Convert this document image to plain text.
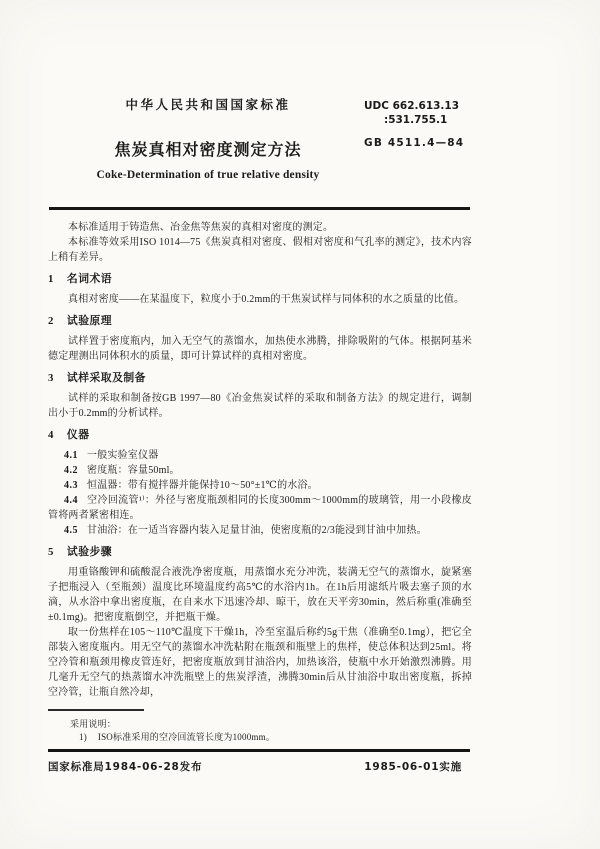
中华人民共和国国家标准
焦炭真相对密度测定方法
Coke-Determination of true relative density
UDC 662.613.13
:531.755.1
GB 4511.4—84

本标准适用于铸造焦、冶金焦等焦炭的真相对密度的测定。

本标准等效采用ISO 1014—75《焦炭真相对密度、假相对密度和气孔率的测定》，技术内容上稍有差异。

1 名词术语

真相对密度——在某温度下，粒度小于0.2mm的干焦炭试样与同体积的水之质量的比值。

2 试验原理

试样置于密度瓶内，加入无空气的蒸馏水，加热使水沸腾，排除吸附的气体。根据阿基米德定理测出同体积水的质量，即可计算试样的真相对密度。

3 试样采取及制备

试样的采取和制备按GB 1997—80《冶金焦炭试样的采取和制备方法》的规定进行，调制出小于0.2mm的分析试样。

4 仪器

4.1 一般实验室仪器

4.2 密度瓶：容量50ml。

4.3 恒温器：带有搅拌器并能保持10～50°±1℃的水浴。

4.4 空冷回流管¹⁾：外径与密度瓶颈相同的长度300mm～1000mm的玻璃管，用一小段橡皮管将两者紧密相连。

4.5 甘油浴：在一适当容器内装入足量甘油，使密度瓶的2/3能浸到甘油中加热。

5 试验步骤

用重铬酸钾和硫酸混合液洗净密度瓶，用蒸馏水充分冲洗，装满无空气的蒸馏水，旋紧塞子把瓶浸入（至瓶颈）温度比环境温度约高5℃的水浴内1h。在1h后用滤纸片吸去塞子顶的水滴，从水浴中拿出密度瓶，在自来水下迅速冷却、晾干，放在天平旁30min，然后称重(准确至±0.1mg)。把密度瓶倒空，并把瓶干燥。

取一份焦样在105～110℃温度下干燥1h，冷至室温后称约5g干焦（准确至0.1mg），把它全部装入密度瓶内。用无空气的蒸馏水冲洗粘附在瓶颈和瓶壁上的焦样，使总体积达到25ml。将空冷管和瓶颈用橡皮管连好，把密度瓶放到甘油浴内，加热该浴，使瓶中水开始激烈沸腾。用几毫升无空气的热蒸馏水冲洗瓶壁上的焦炭浮渣，沸腾30min后从甘油浴中取出密度瓶，拆掉空冷管，让瓶自然冷却，

采用说明：
1) ISO标准采用的空冷回流管长度为1000mm。
国家标准局1984-06-28发布	1985-06-01实施
